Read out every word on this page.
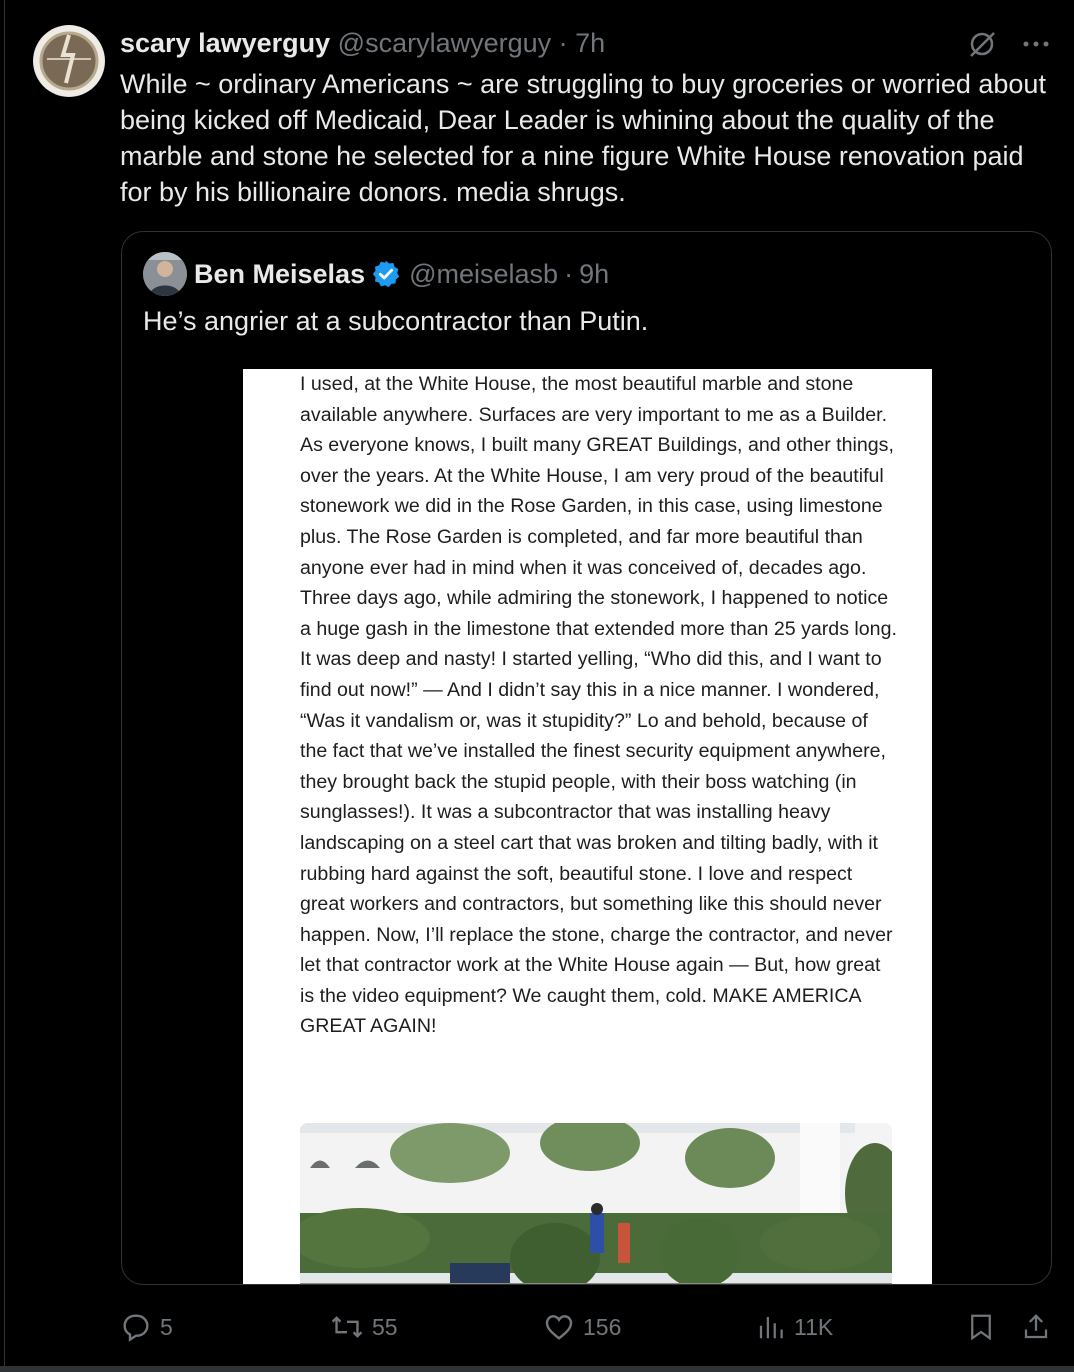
scary lawyerguy @scarylawyerguy · 7h
While ~ ordinary Americans ~ are struggling to buy groceries or worried about being kicked off Medicaid, Dear Leader is whining about the quality of the marble and stone he selected for a nine figure White House renovation paid for by his billionaire donors. media shrugs.
Ben Meiselas @meiselasb · 9h
He’s angrier at a subcontractor than Putin.
I used, at the White House, the most beautiful marble and stone available anywhere. Surfaces are very important to me as a Builder. As everyone knows, I built many GREAT Buildings, and other things, over the years. At the White House, I am very proud of the beautiful stonework we did in the Rose Garden, in this case, using limestone plus. The Rose Garden is completed, and far more beautiful than anyone ever had in mind when it was conceived of, decades ago. Three days ago, while admiring the stonework, I happened to notice a huge gash in the limestone that extended more than 25 yards long. It was deep and nasty! I started yelling, “Who did this, and I want to find out now!” — And I didn’t say this in a nice manner. I wondered, “Was it vandalism or, was it stupidity?” Lo and behold, because of the fact that we’ve installed the finest security equipment anywhere, they brought back the stupid people, with their boss watching (in sunglasses!). It was a subcontractor that was installing heavy landscaping on a steel cart that was broken and tilting badly, with it rubbing hard against the soft, beautiful stone. I love and respect great workers and contractors, but something like this should never happen. Now, I’ll replace the stone, charge the contractor, and never let that contractor work at the White House again — But, how great is the video equipment? We caught them, cold. MAKE AMERICA GREAT AGAIN!
5	55	156	11K
